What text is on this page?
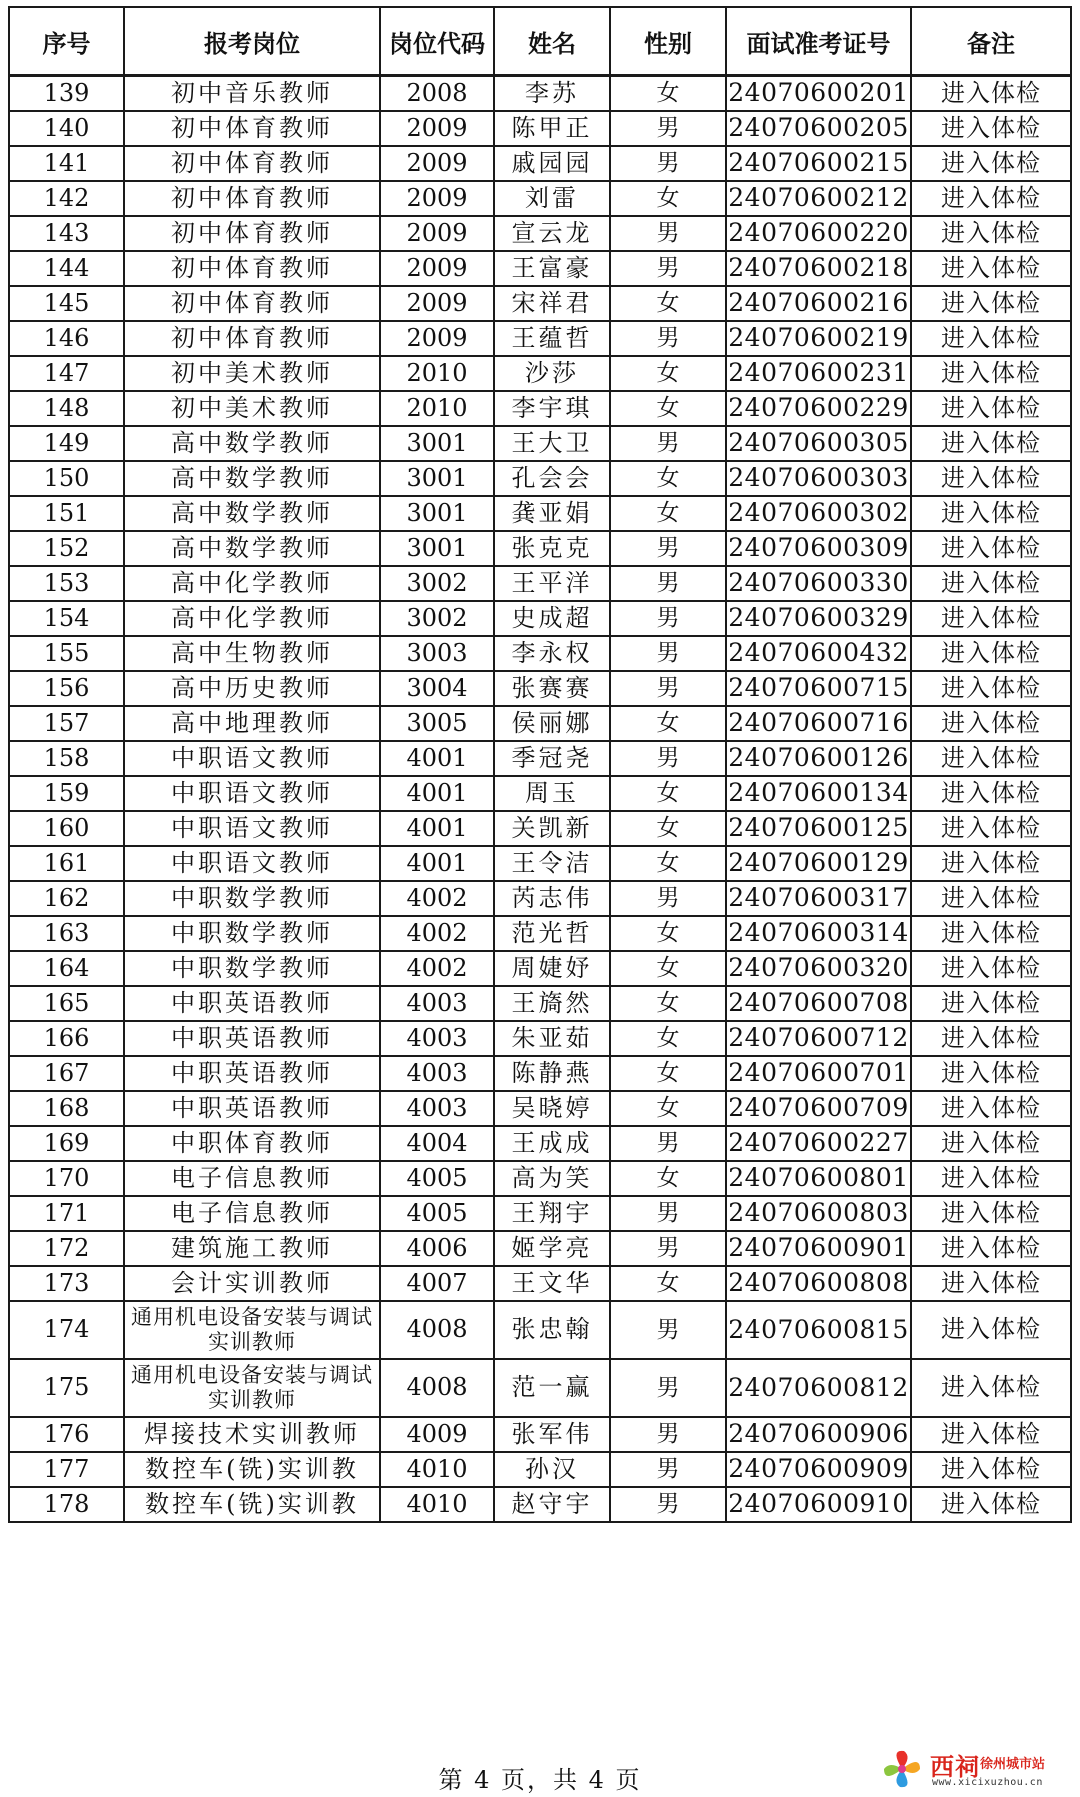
序号	报考岗位	岗位代码	姓名	性别	面试准考证号	备注
139	初中音乐教师	2008	李苏	女	24070600201	进入体检
140	初中体育教师	2009	陈甲正	男	24070600205	进入体检
141	初中体育教师	2009	戚园园	男	24070600215	进入体检
142	初中体育教师	2009	刘雷	女	24070600212	进入体检
143	初中体育教师	2009	宣云龙	男	24070600220	进入体检
144	初中体育教师	2009	王富豪	男	24070600218	进入体检
145	初中体育教师	2009	宋祥君	女	24070600216	进入体检
146	初中体育教师	2009	王蕴哲	男	24070600219	进入体检
147	初中美术教师	2010	沙莎	女	24070600231	进入体检
148	初中美术教师	2010	李宇琪	女	24070600229	进入体检
149	高中数学教师	3001	王大卫	男	24070600305	进入体检
150	高中数学教师	3001	孔会会	女	24070600303	进入体检
151	高中数学教师	3001	龚亚娟	女	24070600302	进入体检
152	高中数学教师	3001	张克克	男	24070600309	进入体检
153	高中化学教师	3002	王平洋	男	24070600330	进入体检
154	高中化学教师	3002	史成超	男	24070600329	进入体检
155	高中生物教师	3003	李永权	男	24070600432	进入体检
156	高中历史教师	3004	张赛赛	男	24070600715	进入体检
157	高中地理教师	3005	侯丽娜	女	24070600716	进入体检
158	中职语文教师	4001	季冠尧	男	24070600126	进入体检
159	中职语文教师	4001	周玉	女	24070600134	进入体检
160	中职语文教师	4001	关凯新	女	24070600125	进入体检
161	中职语文教师	4001	王令洁	女	24070600129	进入体检
162	中职数学教师	4002	芮志伟	男	24070600317	进入体检
163	中职数学教师	4002	范光哲	女	24070600314	进入体检
164	中职数学教师	4002	周婕妤	女	24070600320	进入体检
165	中职英语教师	4003	王旖然	女	24070600708	进入体检
166	中职英语教师	4003	朱亚茹	女	24070600712	进入体检
167	中职英语教师	4003	陈静燕	女	24070600701	进入体检
168	中职英语教师	4003	吴晓婷	女	24070600709	进入体检
169	中职体育教师	4004	王成成	男	24070600227	进入体检
170	电子信息教师	4005	高为笑	女	24070600801	进入体检
171	电子信息教师	4005	王翔宇	男	24070600803	进入体检
172	建筑施工教师	4006	姬学亮	男	24070600901	进入体检
173	会计实训教师	4007	王文华	女	24070600808	进入体检
174	通用机电设备安装与调试实训教师	4008	张忠翰	男	24070600815	进入体检
175	通用机电设备安装与调试实训教师	4008	范一赢	男	24070600812	进入体检
176	焊接技术实训教师	4009	张军伟	男	24070600906	进入体检
177	数控车(铣)实训教	4010	孙汉	男	24070600909	进入体检
178	数控车(铣)实训教	4010	赵守宇	男	24070600910	进入体检
第 4 页，共 4 页	西祠 徐州城市站
www.xicixuzhou.cn
